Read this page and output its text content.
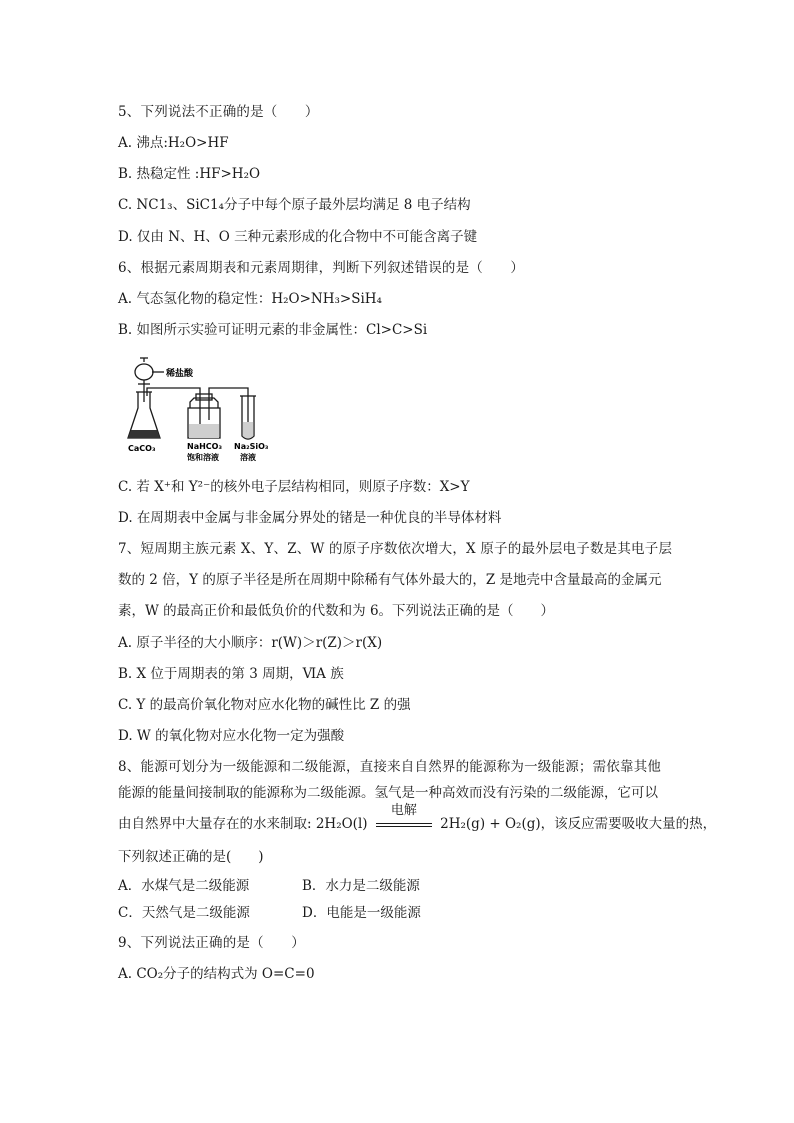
5、下列说法不正确的是（　　）
A. 沸点:H₂O>HF
B. 热稳定性 :HF>H₂O
C. NC1₃、SiC1₄分子中每个原子最外层均满足 8 电子结构
D. 仅由 N、H、O 三种元素形成的化合物中不可能含离子键
6、根据元素周期表和元素周期律，判断下列叙述错误的是（　　）
A. 气态氢化物的稳定性：H₂O>NH₃>SiH₄
B. 如图所示实验可证明元素的非金属性：Cl>C>Si
稀盐酸
CaCO₃	NaHCO₃
饱和溶液
Na₂SiO₃
溶液
C. 若 X⁺和 Y²⁻的核外电子层结构相同，则原子序数：X>Y
D. 在周期表中金属与非金属分界处的锗是一种优良的半导体材料
7、短周期主族元素 X、Y、Z、W 的原子序数依次增大，X 原子的最外层电子数是其电子层
数的 2 倍，Y 的原子半径是所在周期中除稀有气体外最大的，Z 是地壳中含量最高的金属元
素，W 的最高正价和最低负价的代数和为 6。下列说法正确的是（　　）
A. 原子半径的大小顺序：r(W)＞r(Z)＞r(X)
B. X 位于周期表的第 3 周期，ⅥA 族
C. Y 的最高价氧化物对应水化物的碱性比 Z 的强
D. W 的氧化物对应水化物一定为强酸
8、能源可划分为一级能源和二级能源，直接来自自然界的能源称为一级能源；需依靠其他
能源的能量间接制取的能源称为二级能源。氢气是一种高效而没有污染的二级能源，它可以
由自然界中大量存在的水来制取: 2H₂O(l)
电解
2H₂(g) + O₂(g)，该反应需要吸收大量的热，
下列叙述正确的是(　　)
A．水煤气是二级能源	B．水力是二级能源
C．天然气是二级能源	D．电能是一级能源
9、下列说法正确的是（　　）
A. CO₂分子的结构式为 O=C=0
